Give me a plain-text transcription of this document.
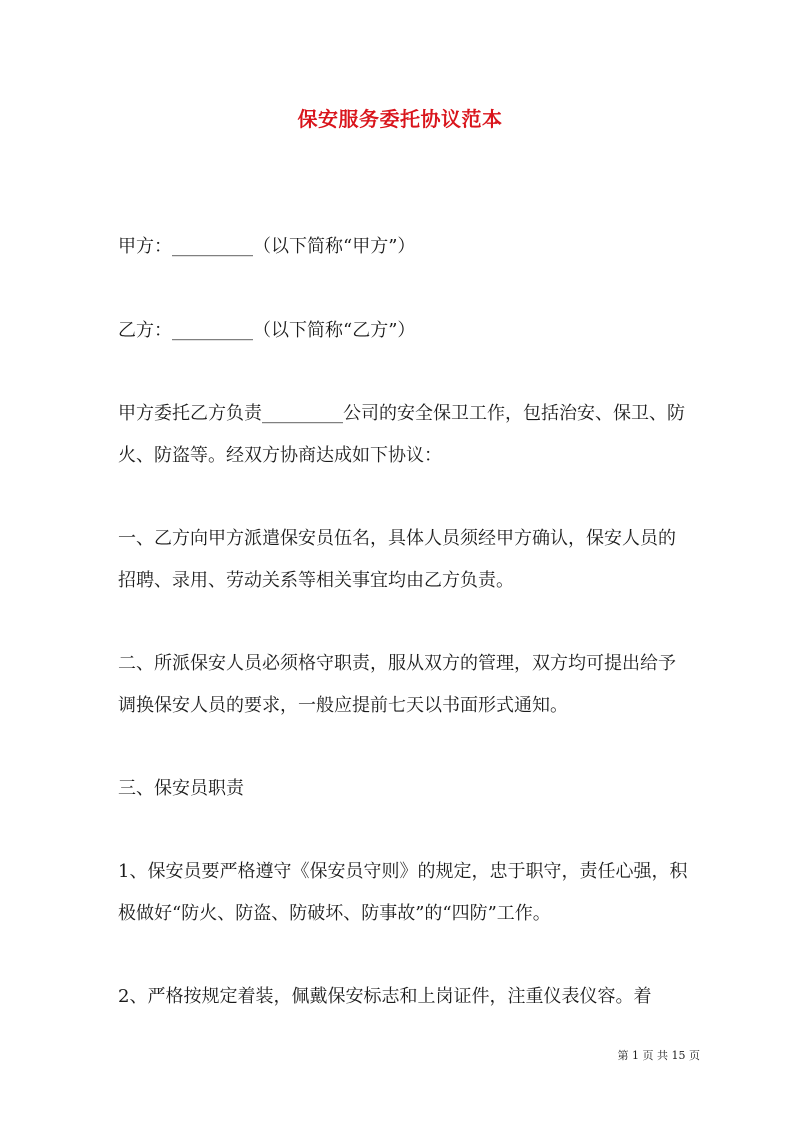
保安服务委托协议范本
甲方：_________（以下简称“甲方”）
乙方：_________（以下简称“乙方”）
甲方委托乙方负责_________公司的安全保卫工作，包括治安、保卫、防火、防盗等。经双方协商达成如下协议：
一、乙方向甲方派遣保安员伍名，具体人员须经甲方确认，保安人员的招聘、录用、劳动关系等相关事宜均由乙方负责。
二、所派保安人员必须格守职责，服从双方的管理，双方均可提出给予调换保安人员的要求，一般应提前七天以书面形式通知。
三、保安员职责
1、保安员要严格遵守《保安员守则》的规定，忠于职守，责任心强，积极做好“防火、防盗、防破坏、防事故”的“四防”工作。
2、严格按规定着装，佩戴保安标志和上岗证件，注重仪表仪容。着
第 1 页 共 15 页
